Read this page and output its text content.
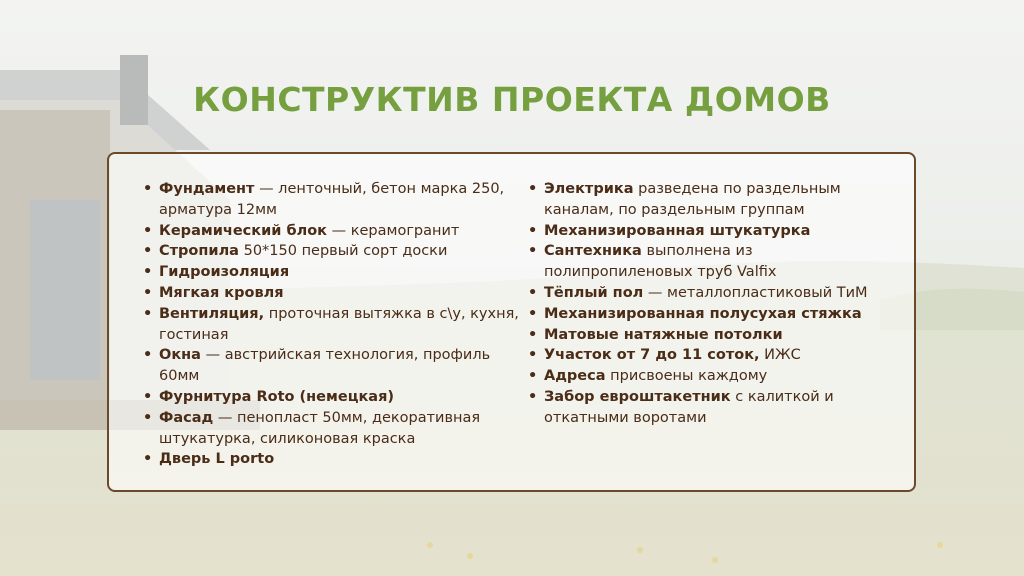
КОНСТРУКТИВ ПРОЕКТА ДОМОВ
• Фундамент — ленточный, бетон марка 250, арматура 12мм
• Керамический блок — керамогранит
• Стропила 50*150 первый сорт доски
• Гидроизоляция
• Мягкая кровля
• Вентиляция, проточная вытяжка в с\у, кухня, гостиная
• Окна — австрийская технология, профиль 60мм
• Фурнитура Roto (немецкая)
• Фасад — пенопласт 50мм, декоративная штукатурка, силиконовая краска
• Дверь L porto
• Электрика разведена по раздельным каналам, по раздельным группам
• Механизированная штукатурка
• Сантехника выполнена из полипропиленовых труб Valfix
• Тёплый пол — металлопластиковый ТиМ
• Механизированная полусухая стяжка
• Матовые натяжные потолки
• Участок от 7 до 11 соток, ИЖС
• Адреса присвоены каждому
• Забор евроштакетник с калиткой и откатными воротами
